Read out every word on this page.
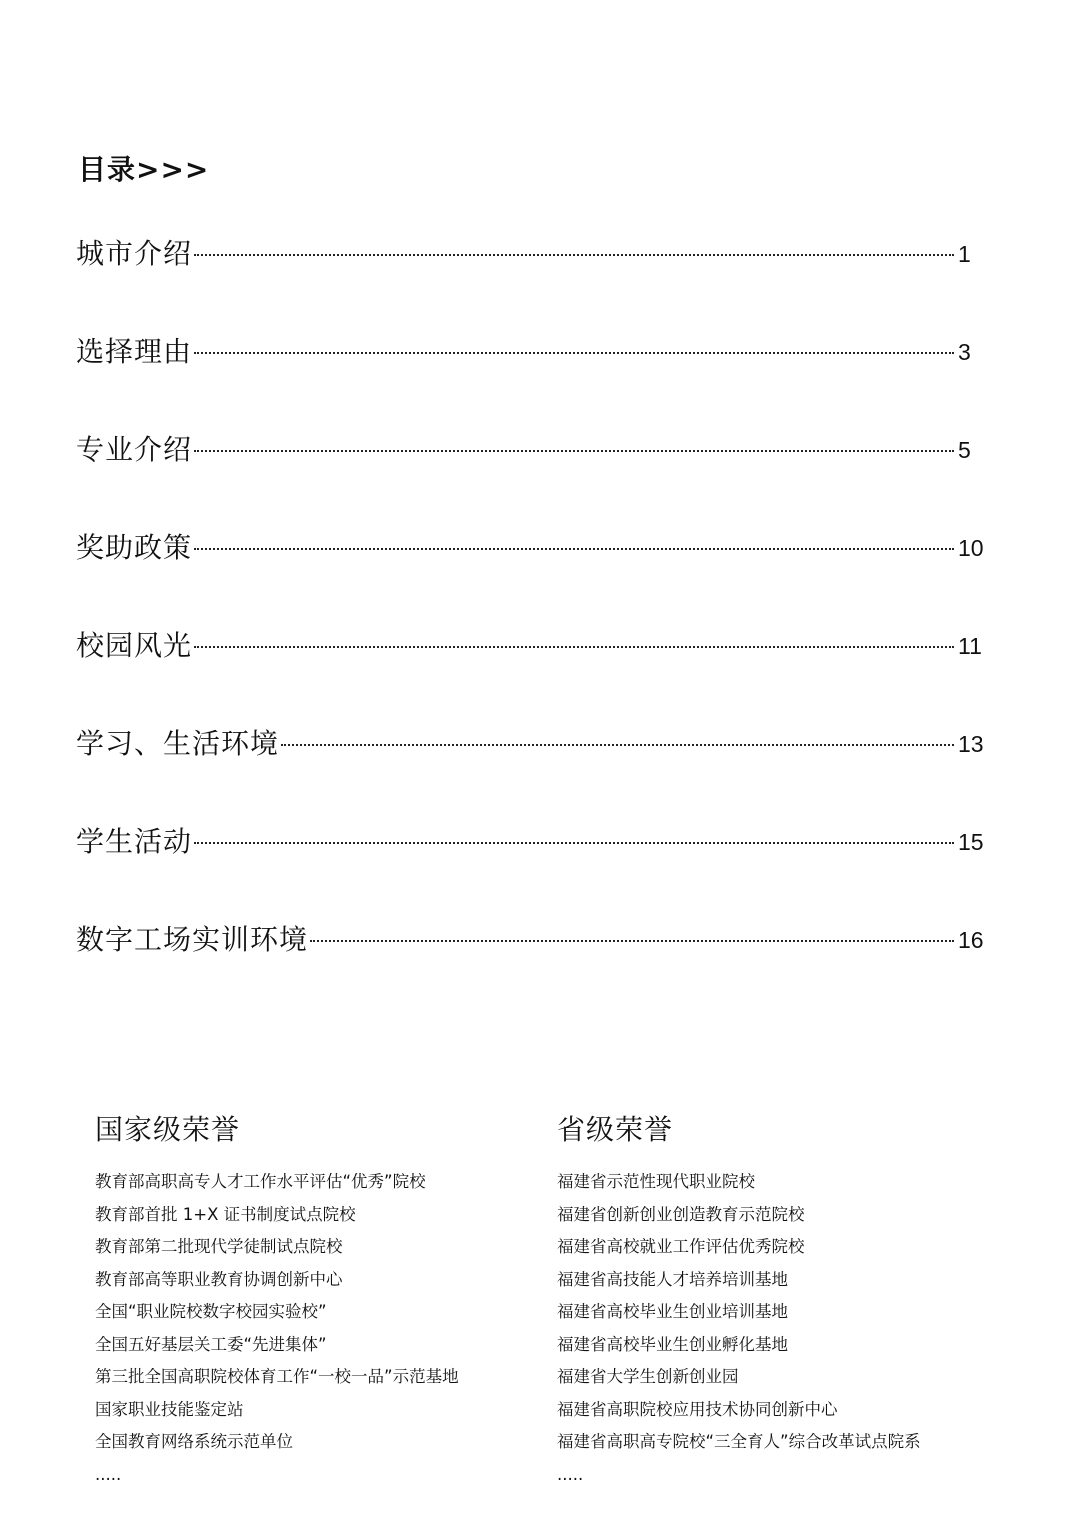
目录>>>
城市介绍	1
选择理由	3
专业介绍	5
奖助政策	10
校园风光	11
学习、生活环境	13
学生活动	15
数字工场实训环境	16
国家级荣誉
教育部高职高专人才工作水平评估“优秀”院校
教育部首批 1+X 证书制度试点院校
教育部第二批现代学徒制试点院校
教育部高等职业教育协调创新中心
全国“职业院校数字校园实验校”
全国五好基层关工委“先进集体”
第三批全国高职院校体育工作“一校一品”示范基地
国家职业技能鉴定站
全国教育网络系统示范单位
.....
省级荣誉
福建省示范性现代职业院校
福建省创新创业创造教育示范院校
福建省高校就业工作评估优秀院校
福建省高技能人才培养培训基地
福建省高校毕业生创业培训基地
福建省高校毕业生创业孵化基地
福建省大学生创新创业园
福建省高职院校应用技术协同创新中心
福建省高职高专院校“三全育人”综合改革试点院系
.....
